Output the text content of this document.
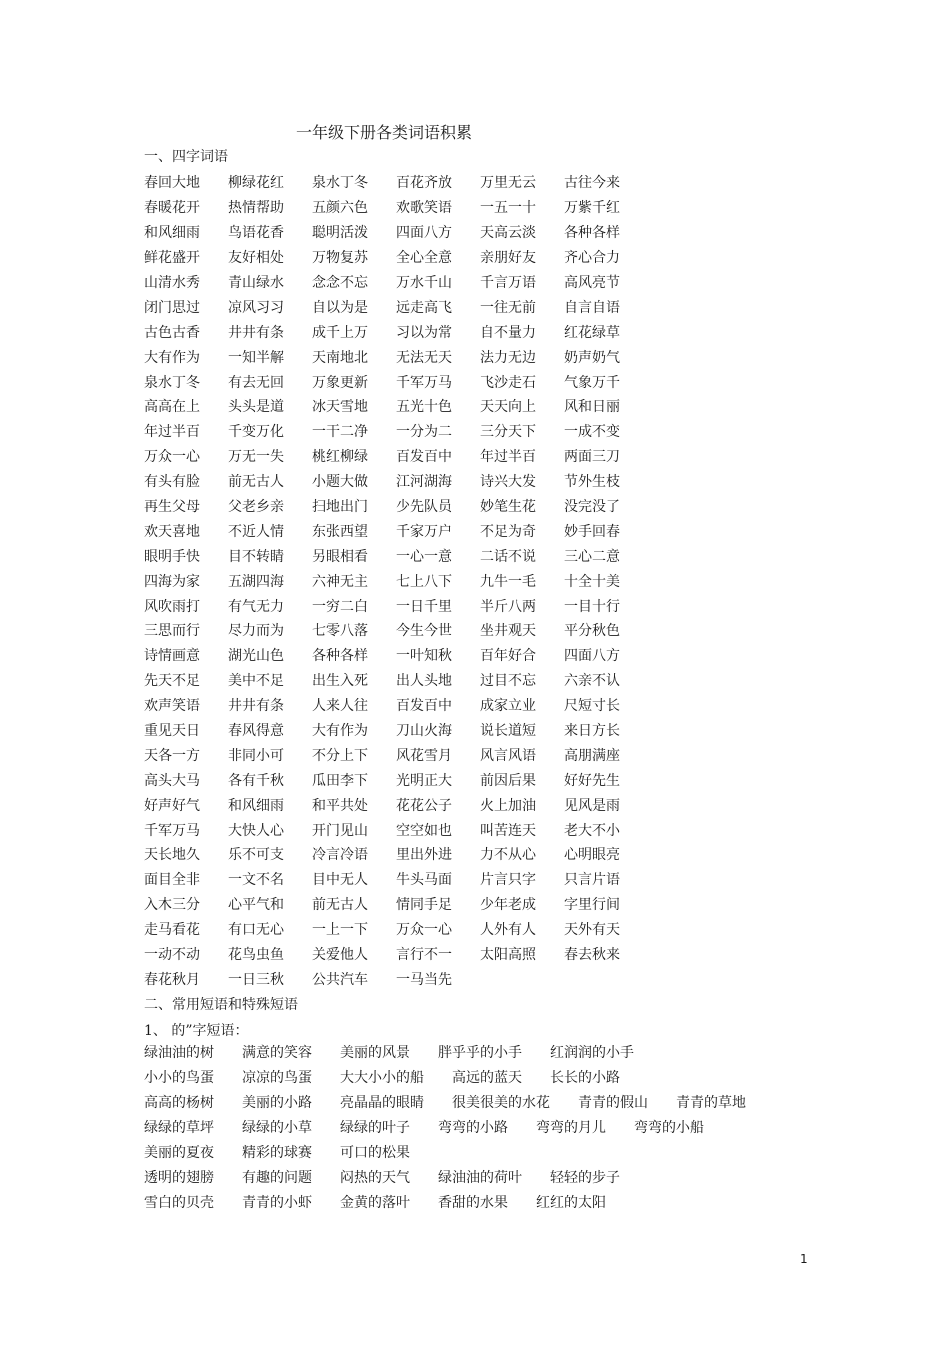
一年级下册各类词语积累
一、四字词语
春回大地	柳绿花红	泉水丁冬	百花齐放	万里无云	古往今来
春暖花开	热情帮助	五颜六色	欢歌笑语	一五一十	万紫千红
和风细雨	鸟语花香	聪明活泼	四面八方	天高云淡	各种各样
鲜花盛开	友好相处	万物复苏	全心全意	亲朋好友	齐心合力
山清水秀	青山绿水	念念不忘	万水千山	千言万语	高风亮节
闭门思过	凉风习习	自以为是	远走高飞	一往无前	自言自语
古色古香	井井有条	成千上万	习以为常	自不量力	红花绿草
大有作为	一知半解	天南地北	无法无天	法力无边	奶声奶气
泉水丁冬	有去无回	万象更新	千军万马	飞沙走石	气象万千
高高在上	头头是道	冰天雪地	五光十色	天天向上	风和日丽
年过半百	千变万化	一干二净	一分为二	三分天下	一成不变
万众一心	万无一失	桃红柳绿	百发百中	年过半百	两面三刀
有头有脸	前无古人	小题大做	江河湖海	诗兴大发	节外生枝
再生父母	父老乡亲	扫地出门	少先队员	妙笔生花	没完没了
欢天喜地	不近人情	东张西望	千家万户	不足为奇	妙手回春
眼明手快	目不转睛	另眼相看	一心一意	二话不说	三心二意
四海为家	五湖四海	六神无主	七上八下	九牛一毛	十全十美
风吹雨打	有气无力	一穷二白	一日千里	半斤八两	一目十行
三思而行	尽力而为	七零八落	今生今世	坐井观天	平分秋色
诗情画意	湖光山色	各种各样	一叶知秋	百年好合	四面八方
先天不足	美中不足	出生入死	出人头地	过目不忘	六亲不认
欢声笑语	井井有条	人来人往	百发百中	成家立业	尺短寸长
重见天日	春风得意	大有作为	刀山火海	说长道短	来日方长
天各一方	非同小可	不分上下	风花雪月	风言风语	高朋满座
高头大马	各有千秋	瓜田李下	光明正大	前因后果	好好先生
好声好气	和风细雨	和平共处	花花公子	火上加油	见风是雨
千军万马	大快人心	开门见山	空空如也	叫苦连天	老大不小
天长地久	乐不可支	冷言冷语	里出外进	力不从心	心明眼亮
面目全非	一文不名	目中无人	牛头马面	片言只字	只言片语
入木三分	心平气和	前无古人	情同手足	少年老成	字里行间
走马看花	有口无心	一上一下	万众一心	人外有人	天外有天
一动不动	花鸟虫鱼	关爱他人	言行不一	太阳高照	春去秋来
春花秋月	一日三秋	公共汽车	一马当先
二、常用短语和特殊短语
1、 的”字短语：
绿油油的树 满意的笑容 美丽的风景 胖乎乎的小手 红润润的小手
小小的鸟蛋 凉凉的鸟蛋 大大小小的船 高远的蓝天 长长的小路
高高的杨树 美丽的小路 亮晶晶的眼睛 很美很美的水花 青青的假山 青青的草地
绿绿的草坪 绿绿的小草 绿绿的叶子 弯弯的小路 弯弯的月儿 弯弯的小船
美丽的夏夜 精彩的球赛 可口的松果
透明的翅膀 有趣的问题 闷热的天气 绿油油的荷叶 轻轻的步子
雪白的贝壳 青青的小虾 金黄的落叶 香甜的水果 红红的太阳
1
